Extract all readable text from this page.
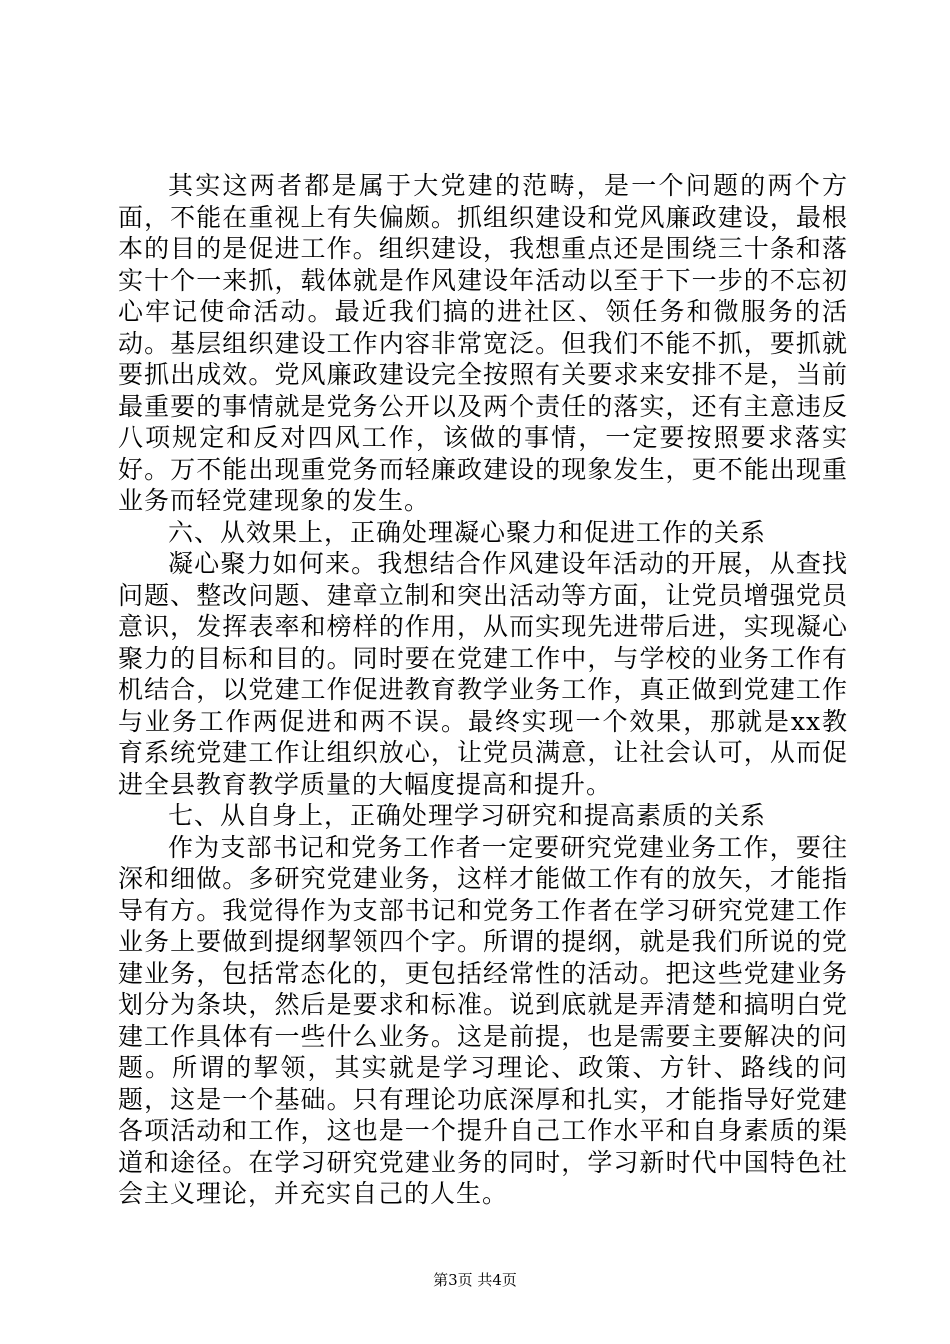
其实这两者都是属于大党建的范畴，是一个问题的两个方面，不能在重视上有失偏颇。抓组织建设和党风廉政建设，最根本的目的是促进工作。组织建设，我想重点还是围绕三十条和落实十个一来抓，载体就是作风建设年活动以至于下一步的不忘初心牢记使命活动。最近我们搞的进社区、领任务和微服务的活动。基层组织建设工作内容非常宽泛。但我们不能不抓，要抓就要抓出成效。党风廉政建设完全按照有关要求来安排不是，当前最重要的事情就是党务公开以及两个责任的落实，还有主意违反八项规定和反对四风工作，该做的事情，一定要按照要求落实好。万不能出现重党务而轻廉政建设的现象发生，更不能出现重业务而轻党建现象的发生。

六、从效果上，正确处理凝心聚力和促进工作的关系

凝心聚力如何来。我想结合作风建设年活动的开展，从查找问题、整改问题、建章立制和突出活动等方面，让党员增强党员意识，发挥表率和榜样的作用，从而实现先进带后进，实现凝心聚力的目标和目的。同时要在党建工作中，与学校的业务工作有机结合，以党建工作促进教育教学业务工作，真正做到党建工作与业务工作两促进和两不误。最终实现一个效果，那就是xx教育系统党建工作让组织放心，让党员满意，让社会认可，从而促进全县教育教学质量的大幅度提高和提升。

七、从自身上，正确处理学习研究和提高素质的关系

作为支部书记和党务工作者一定要研究党建业务工作，要往深和细做。多研究党建业务，这样才能做工作有的放矢，才能指导有方。我觉得作为支部书记和党务工作者在学习研究党建工作业务上要做到提纲挈领四个字。所谓的提纲，就是我们所说的党建业务，包括常态化的，更包括经常性的活动。把这些党建业务划分为条块，然后是要求和标准。说到底就是弄清楚和搞明白党建工作具体有一些什么业务。这是前提，也是需要主要解决的问题。所谓的挈领，其实就是学习理论、政策、方针、路线的问题，这是一个基础。只有理论功底深厚和扎实，才能指导好党建各项活动和工作，这也是一个提升自己工作水平和自身素质的渠道和途径。在学习研究党建业务的同时，学习新时代中国特色社会主义理论，并充实自己的人生。

第3页 共4页
